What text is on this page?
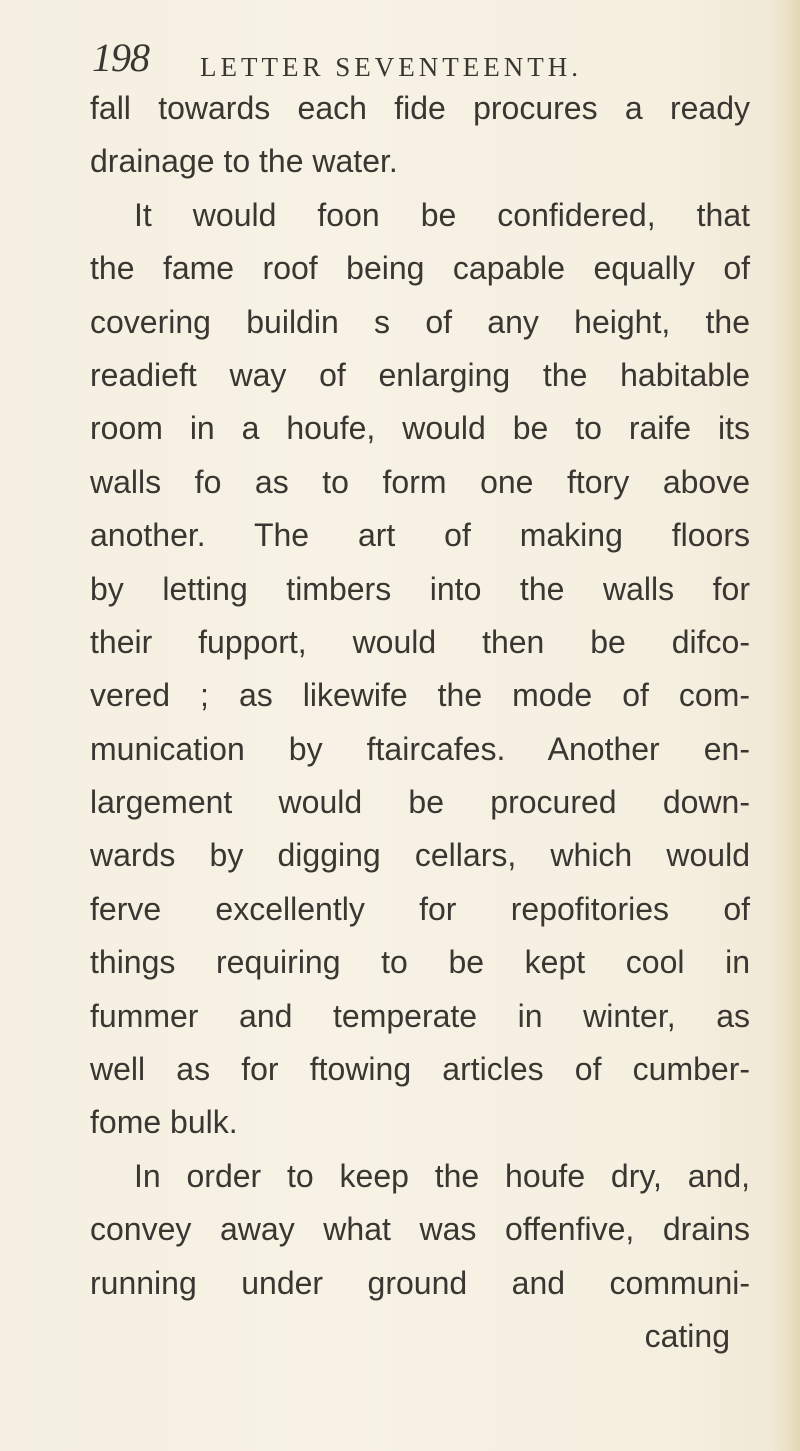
198 LETTER SEVENTEENTH.
fall towards each fide procures a ready
drainage to the water.
It would foon be confidered, that
the fame roof being capable equally of
covering buildin s of any height, the
readieft way of enlarging the habitable
room in a houfe, would be to raife its
walls fo as to form one ftory above
another. The art of making floors
by letting timbers into the walls for
their fupport, would then be difco-
vered ; as likewife the mode of com-
munication by ftaircafes. Another en-
largement would be procured down-
wards by digging cellars, which would
ferve excellently for repofitories of
things requiring to be kept cool in
fummer and temperate in winter, as
well as for ftowing articles of cumber-
fome bulk.
In order to keep the houfe dry, and,
convey away what was offenfive, drains
running under ground and communi-
cating
